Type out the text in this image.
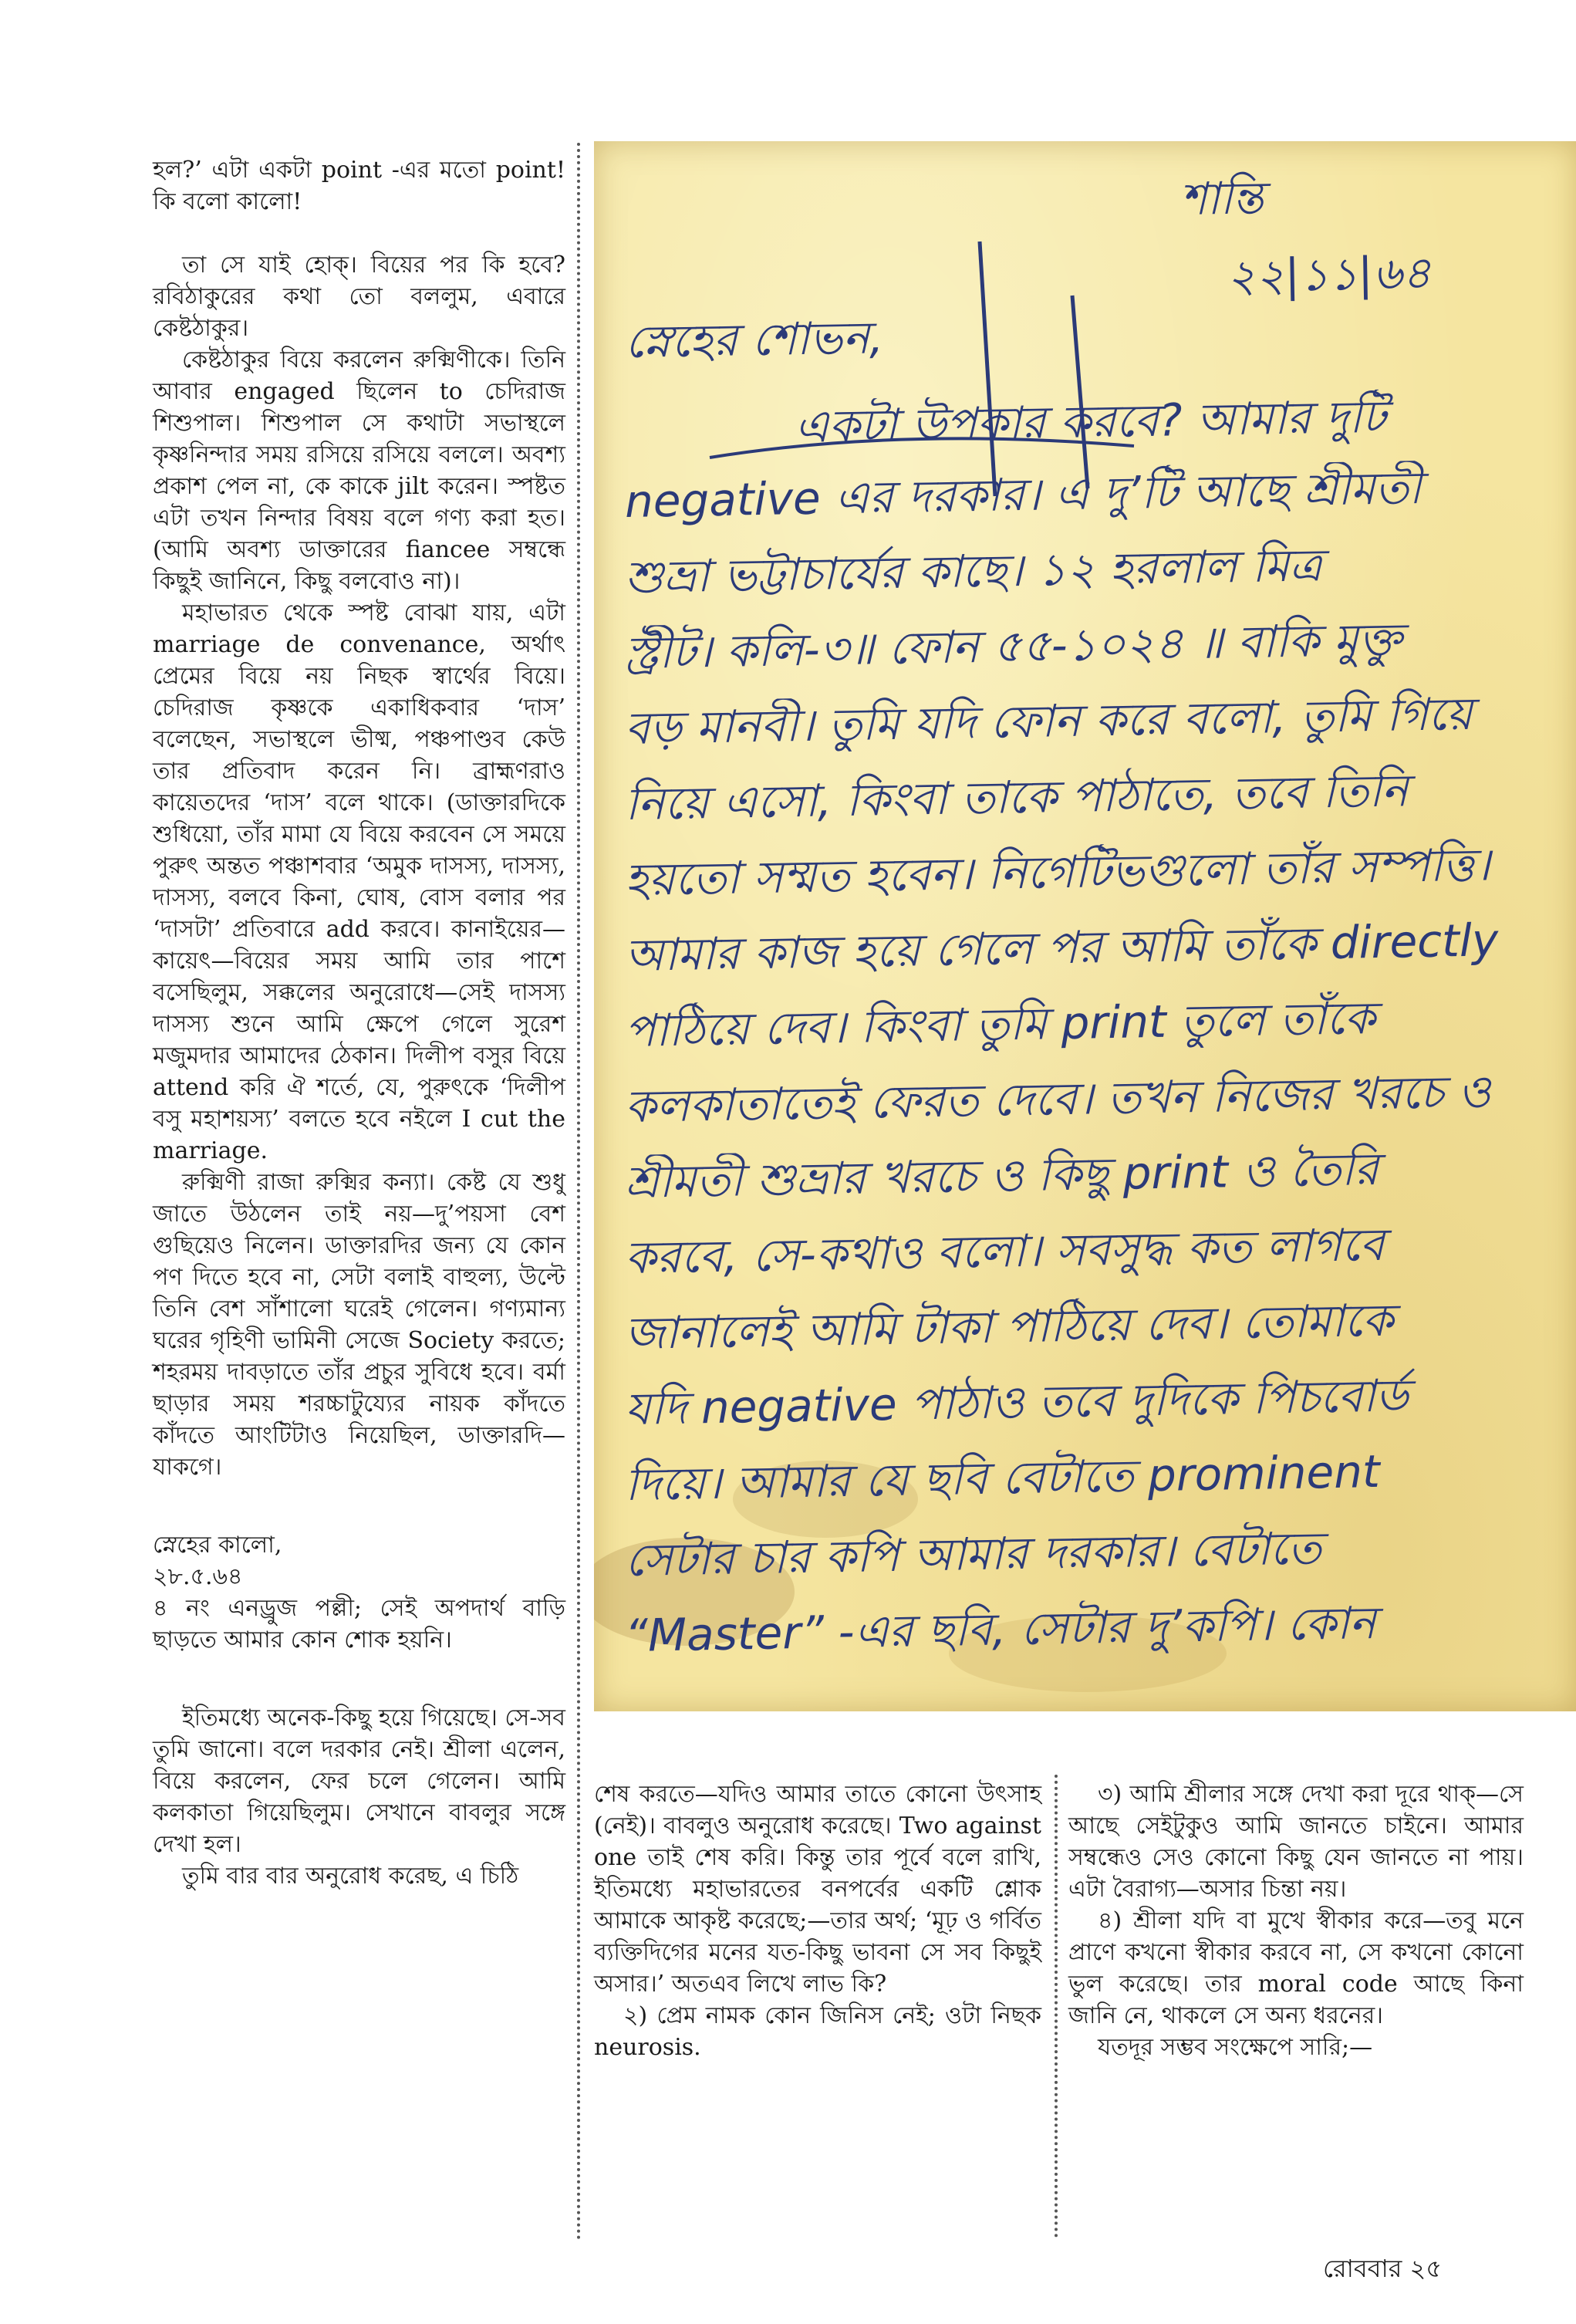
হল?’ এটা একটা point -এর মতো point! কি বলো কালো!

তা সে যাই হোক্। বিয়ের পর কি হবে? রবিঠাকুরের কথা তো বললুম, এবারে কেষ্টঠাকুর।

কেষ্টঠাকুর বিয়ে করলেন রুক্মিণীকে। তিনি আবার engaged ছিলেন to চেদিরাজ শিশুপাল। শিশুপাল সে কথাটা সভাস্থলে কৃষ্ণনিন্দার সময় রসিয়ে রসিয়ে বললে। অবশ্য প্রকাশ পেল না, কে কাকে jilt করেন। স্পষ্টত এটা তখন নিন্দার বিষয় বলে গণ্য করা হত। (আমি অবশ্য ডাক্তারের fiancee সম্বন্ধে কিছুই জানিনে, কিছু বলবোও না)।

মহাভারত থেকে স্পষ্ট বোঝা যায়, এটা marriage de convenance, অর্থাৎ প্রেমের বিয়ে নয় নিছক স্বার্থের বিয়ে। চেদিরাজ কৃষ্ণকে একাধিকবার ‘দাস’ বলেছেন, সভাস্থলে ভীষ্ম, পঞ্চপাণ্ডব কেউ তার প্রতিবাদ করেন নি। ব্রাহ্মণরাও কায়েতদের ‘দাস’ বলে থাকে। (ডাক্তারদিকে শুধিয়ো, তাঁর মামা যে বিয়ে করবেন সে সময়ে পুরুৎ অন্তত পঞ্চাশবার ‘অমুক দাসস্য, দাসস্য, দাসস্য, বলবে কিনা, ঘোষ, বোস বলার পর ‘দাসটা’ প্রতিবারে add করবে। কানাইয়ের—কায়েৎ—বিয়ের সময় আমি তার পাশে বসেছিলুম, সক্কলের অনুরোধে—সেই দাসস্য দাসস্য শুনে আমি ক্ষেপে গেলে সুরেশ মজুমদার আমাদের ঠেকান। দিলীপ বসুর বিয়ে attend করি ঐ শর্তে, যে, পুরুৎকে ‘দিলীপ বসু মহাশয়স্য’ বলতে হবে নইলে I cut the marriage.

রুক্মিণী রাজা রুক্মির কন্যা। কেষ্ট যে শুধু জাতে উঠলেন তাই নয়—দু’পয়সা বেশ গুছিয়েও নিলেন। ডাক্তারদির জন্য যে কোন পণ দিতে হবে না, সেটা বলাই বাহুল্য, উল্টে তিনি বেশ সাঁশালো ঘরেই গেলেন। গণ্যমান্য ঘরের গৃহিণী ভামিনী সেজে Society করতে; শহরময় দাবড়াতে তাঁর প্রচুর সুবিধে হবে। বর্মা ছাড়ার সময় শরচ্চাটুয্যের নায়ক কাঁদতে কাঁদতে আংটিটাও নিয়েছিল, ডাক্তারদি—যাকগে।

স্নেহের কালো,

২৮.৫.৬৪

৪ নং এনড্রুজ পল্লী; সেই অপদার্থ বাড়ি ছাড়তে আমার কোন শোক হয়নি।

ইতিমধ্যে অনেক-কিছু হয়ে গিয়েছে। সে-সব তুমি জানো। বলে দরকার নেই। শ্রীলা এলেন, বিয়ে করলেন, ফের চলে গেলেন। আমি কলকাতা গিয়েছিলুম। সেখানে বাবলুর সঙ্গে দেখা হল।

তুমি বার বার অনুরোধ করেছ, এ চিঠি

শান্তি
২২|১১|৬৪
স্নেহের শোভন,
একটা উপকার করবে? আমার দুটি
negative এর দরকার। এ দু’টি আছে শ্রীমতী
শুভ্রা ভট্টাচার্যের কাছে। ১২ হরলাল মিত্র
স্ট্রীট। কলি-৩॥ ফোন ৫৫-১০২৪ ॥ বাকি মুক্তু
বড় মানবী। তুমি যদি ফোন করে বলো, তুমি গিয়ে
নিয়ে এসো, কিংবা তাকে পাঠাতে, তবে তিনি
হয়তো সম্মত হবেন। নিগেটিভগুলো তাঁর সম্পত্তি।
আমার কাজ হয়ে গেলে পর আমি তাঁকে directly
পাঠিয়ে দেব। কিংবা তুমি print তুলে তাঁকে
কলকাতাতেই ফেরত দেবে। তখন নিজের খরচে ও
শ্রীমতী শুভ্রার খরচে ও কিছু print ও তৈরি
করবে, সে-কথাও বলো। সবসুদ্ধ কত লাগবে
জানালেই আমি টাকা পাঠিয়ে দেব। তোমাকে
যদি negative পাঠাও তবে দুদিকে পিচবোর্ড
দিয়ে। আমার যে ছবি বেটাতে prominent
সেটার চার কপি আমার দরকার। বেটাতে
“Master” -এর ছবি, সেটার দু’কপি। কোন

শেষ করতে—যদিও আমার তাতে কোনো উৎসাহ (নেই)। বাবলুও অনুরোধ করেছে। Two against one তাই শেষ করি। কিন্তু তার পূর্বে বলে রাখি, ইতিমধ্যে মহাভারতের বনপর্বের একটি শ্লোক আমাকে আকৃষ্ট করেছে;—তার অর্থ; ‘মূঢ় ও গর্বিত ব্যক্তিদিগের মনের যত-কিছু ভাবনা সে সব কিছুই অসার।’ অতএব লিখে লাভ কি?

২) প্রেম নামক কোন জিনিস নেই; ওটা নিছক neurosis.

৩) আমি শ্রীলার সঙ্গে দেখা করা দূরে থাক্—সে আছে সেইটুকুও আমি জানতে চাইনে। আমার সম্বন্ধেও সেও কোনো কিছু যেন জানতে না পায়। এটা বৈরাগ্য—অসার চিন্তা নয়।

৪) শ্রীলা যদি বা মুখে স্বীকার করে—তবু মনে প্রাণে কখনো স্বীকার করবে না, সে কখনো কোনো ভুল করেছে। তার moral code আছে কিনা জানি নে, থাকলে সে অন্য ধরনের।

যতদূর সম্ভব সংক্ষেপে সারি;—

রোববার ২৫
